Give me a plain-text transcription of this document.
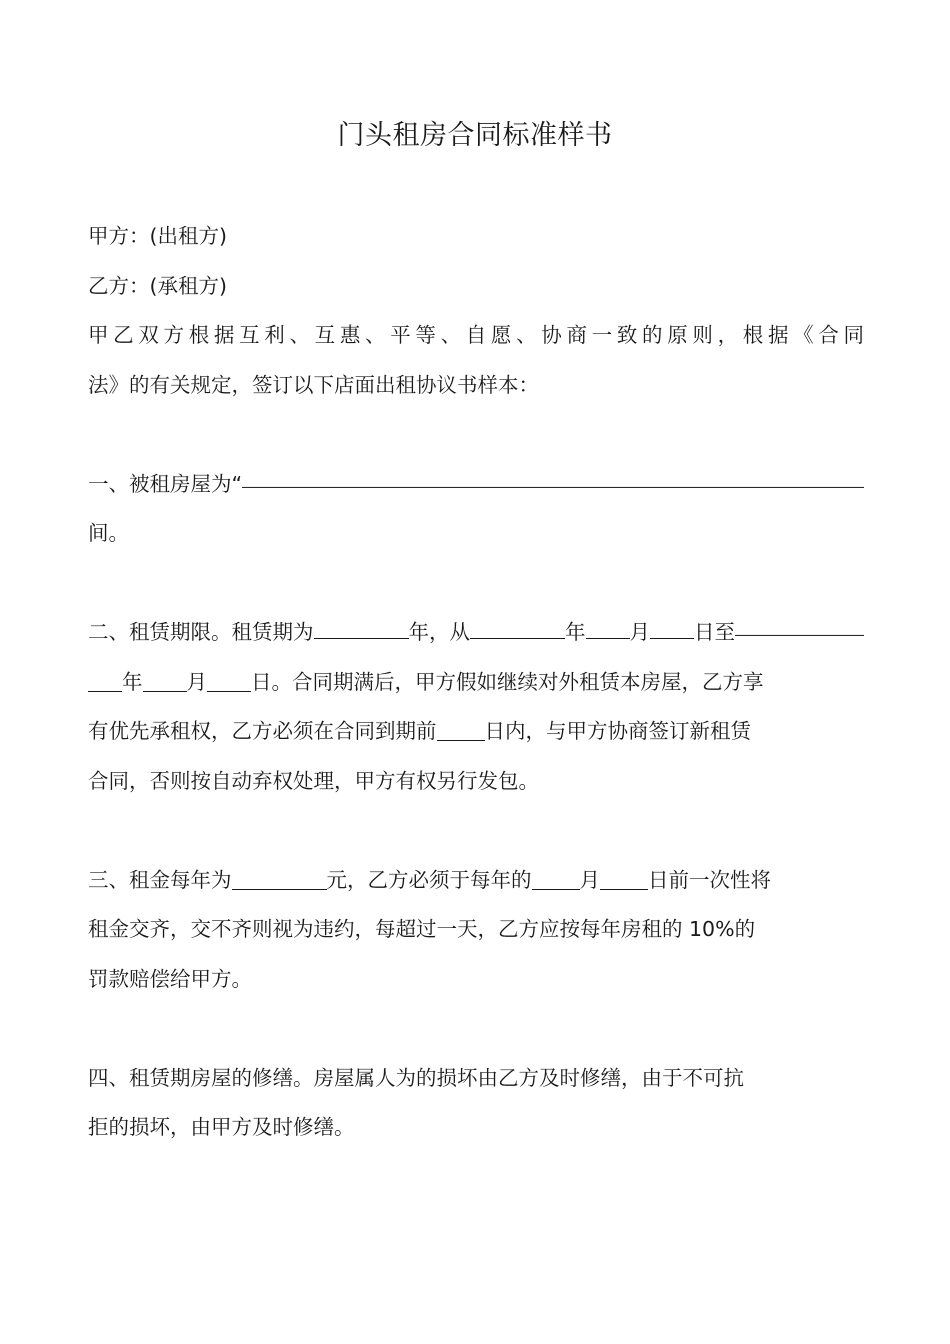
门头租房合同标准样书
甲方：(出租方)
乙方：(承租方)
甲乙双方根据互利、互惠、平等、自愿、协商一致的原则，根据《合同
法》的有关规定，签订以下店面出租协议书样本：
一、被租房屋为“
间。
二、租赁期限。租赁期为	年，从	年 月 日至
年 月 日。合同期满后，甲方假如继续对外租赁本房屋，乙方享
有优先承租权，乙方必须在合同到期前 日内，与甲方协商签订新租赁
合同，否则按自动弃权处理，甲方有权另行发包。
三、租金每年为	元，乙方必须于每年的 月 日前一次性将
租金交齐，交不齐则视为违约，每超过一天，乙方应按每年房租的 10%的
罚款赔偿给甲方。
四、租赁期房屋的修缮。房屋属人为的损坏由乙方及时修缮，由于不可抗
拒的损坏，由甲方及时修缮。
